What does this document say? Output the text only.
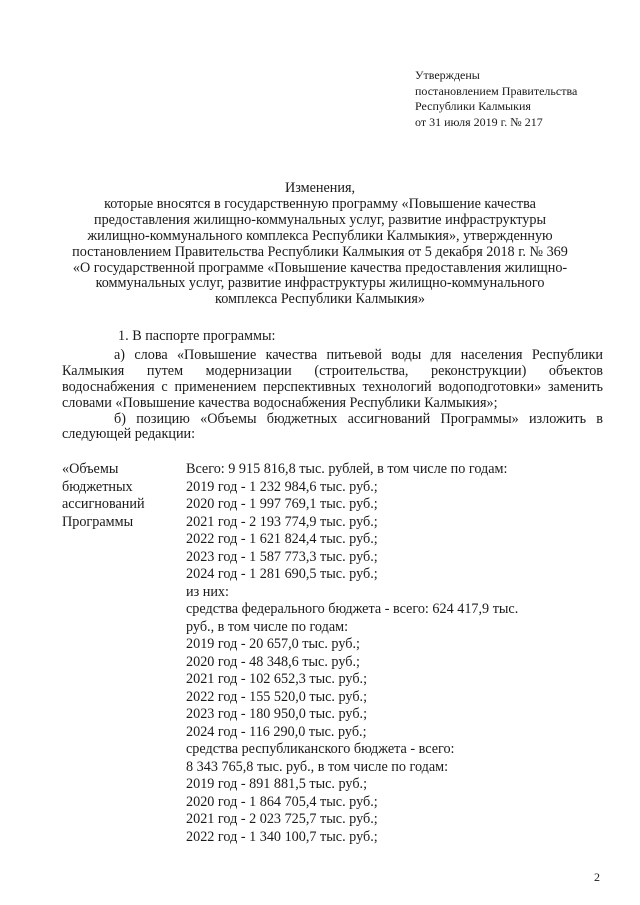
Утверждены
постановлением Правительства
Республики Калмыкия
от 31 июля 2019 г. № 217
Изменения,
которые вносятся в государственную программу «Повышение качества
предоставления жилищно-коммунальных услуг, развитие инфраструктуры
жилищно-коммунального комплекса Республики Калмыкия», утвержденную
постановлением Правительства Республики Калмыкия от 5 декабря 2018 г. № 369
«О государственной программе «Повышение качества предоставления жилищно-
коммунальных услуг, развитие инфраструктуры жилищно-коммунального
комплекса Республики Калмыкия»

1. В паспорте программы:

а) слова «Повышение качества питьевой воды для населения Республики Калмыкия путем модернизации (строительства, реконструкции) объектов водоснабжения с применением перспективных технологий водоподготовки» заменить словами «Повышение качества водоснабжения Республики Калмыкия»;

б) позицию «Объемы бюджетных ассигнований Программы» изложить в следующей редакции:

«Объемы
бюджетных
ассигнований
Программы
Всего: 9 915 816,8 тыс. рублей, в том числе по годам:
2019 год - 1 232 984,6 тыс. руб.;
2020 год - 1 997 769,1 тыс. руб.;
2021 год - 2 193 774,9 тыс. руб.;
2022 год - 1 621 824,4 тыс. руб.;
2023 год - 1 587 773,3 тыс. руб.;
2024 год - 1 281 690,5 тыс. руб.;
из них:
средства федерального бюджета - всего: 624 417,9 тыс.
руб., в том числе по годам:
2019 год - 20 657,0 тыс. руб.;
2020 год - 48 348,6 тыс. руб.;
2021 год - 102 652,3 тыс. руб.;
2022 год - 155 520,0 тыс. руб.;
2023 год - 180 950,0 тыс. руб.;
2024 год - 116 290,0 тыс. руб.;
средства республиканского бюджета - всего:
8 343 765,8 тыс. руб., в том числе по годам:
2019 год - 891 881,5 тыс. руб.;
2020 год - 1 864 705,4 тыс. руб.;
2021 год - 2 023 725,7 тыс. руб.;
2022 год - 1 340 100,7 тыс. руб.;
2
